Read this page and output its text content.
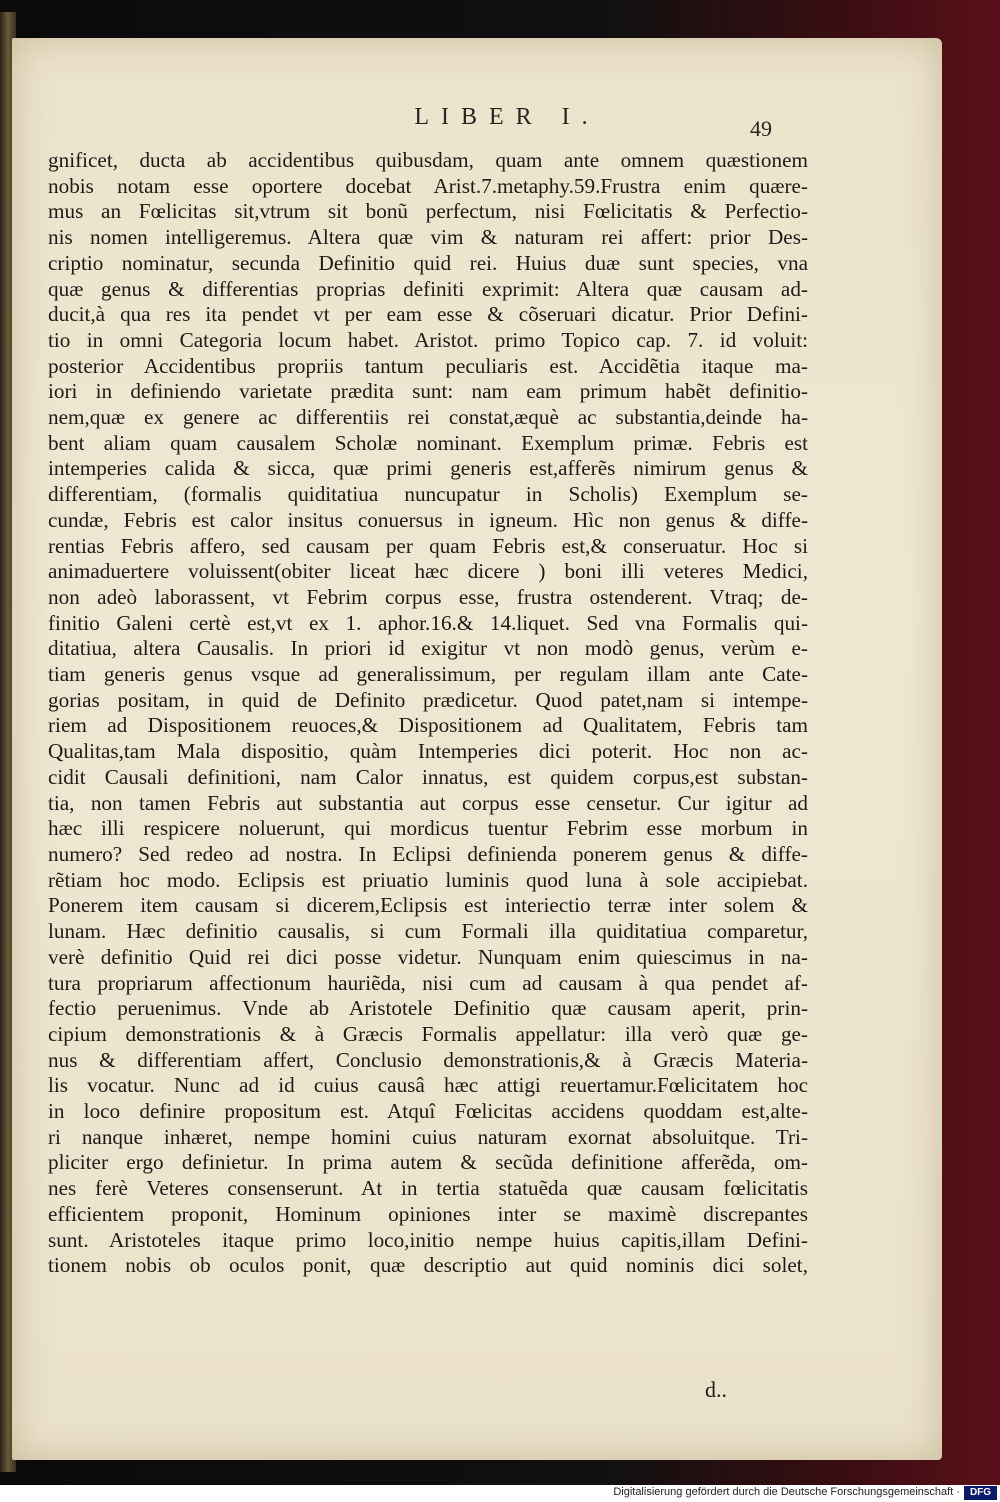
LIBER I.	49
gnificet, ducta ab accidentibus quibusdam, quam ante omnem quæstionem
nobis notam esse oportere docebat Arist.7.metaphy.59.Frustra enim quære-
mus an Fœlicitas sit,vtrum sit bonũ perfectum, nisi Fœlicitatis & Perfectio-
nis nomen intelligeremus. Altera quæ vim & naturam rei affert: prior Des-
criptio nominatur, secunda Definitio quid rei. Huius duæ sunt species, vna
quæ genus & differentias proprias definiti exprimit: Altera quæ causam ad-
ducit,à qua res ita pendet vt per eam esse & cõseruari dicatur. Prior Defini-
tio in omni Categoria locum habet. Aristot. primo Topico cap. 7. id voluit:
posterior Accidentibus propriis tantum peculiaris est. Accidẽtia itaque ma-
iori in definiendo varietate prædita sunt: nam eam primum habẽt definitio-
nem,quæ ex genere ac differentiis rei constat,æquè ac substantia,deinde ha-
bent aliam quam causalem Scholæ nominant. Exemplum primæ. Febris est
intemperies calida & sicca, quæ primi generis est,afferẽs nimirum genus &
differentiam, (formalis quiditatiua nuncupatur in Scholis) Exemplum se-
cundæ, Febris est calor insitus conuersus in igneum. Hìc non genus & diffe-
rentias Febris affero, sed causam per quam Febris est,& conseruatur. Hoc si
animaduertere voluissent(obiter liceat hæc dicere ) boni illi veteres Medici,
non adeò laborassent, vt Febrim corpus esse, frustra ostenderent. Vtraq; de-
finitio Galeni certè est,vt ex 1. aphor.16.& 14.liquet. Sed vna Formalis qui-
ditatiua, altera Causalis. In priori id exigitur vt non modò genus, verùm e-
tiam generis genus vsque ad generalissimum, per regulam illam ante Cate-
gorias positam, in quid de Definito prædicetur. Quod patet,nam si intempe-
riem ad Dispositionem reuoces,& Dispositionem ad Qualitatem, Febris tam
Qualitas,tam Mala dispositio, quàm Intemperies dici poterit. Hoc non ac-
cidit Causali definitioni, nam Calor innatus, est quidem corpus,est substan-
tia, non tamen Febris aut substantia aut corpus esse censetur. Cur igitur ad
hæc illi respicere noluerunt, qui mordicus tuentur Febrim esse morbum in
numero? Sed redeo ad nostra. In Eclipsi definienda ponerem genus & diffe-
rẽtiam hoc modo. Eclipsis est priuatio luminis quod luna à sole accipiebat.
Ponerem item causam si dicerem,Eclipsis est interiectio terræ inter solem &
lunam. Hæc definitio causalis, si cum Formali illa quiditatiua comparetur,
verè definitio Quid rei dici posse videtur. Nunquam enim quiescimus in na-
tura propriarum affectionum hauriẽda, nisi cum ad causam à qua pendet af-
fectio peruenimus. Vnde ab Aristotele Definitio quæ causam aperit, prin-
cipium demonstrationis & à Græcis Formalis appellatur: illa verò quæ ge-
nus & differentiam affert, Conclusio demonstrationis,& à Græcis Materia-
lis vocatur. Nunc ad id cuius causâ hæc attigi reuertamur.Fœlicitatem hoc
in loco definire propositum est. Atquî Fœlicitas accidens quoddam est,alte-
ri nanque inhæret, nempe homini cuius naturam exornat absoluitque. Tri-
pliciter ergo definietur. In prima autem & secũda definitione afferẽda, om-
nes ferè Veteres consenserunt. At in tertia statuẽda quæ causam fœlicitatis
efficientem proponit, Hominum opiniones inter se maximè discrepantes
sunt. Aristoteles itaque primo loco,initio nempe huius capitis,illam Defini-
tionem nobis ob oculos ponit, quæ descriptio aut quid nominis dici solet,
d..
Digitalisierung gefördert durch die Deutsche Forschungsgemeinschaft · DFG
